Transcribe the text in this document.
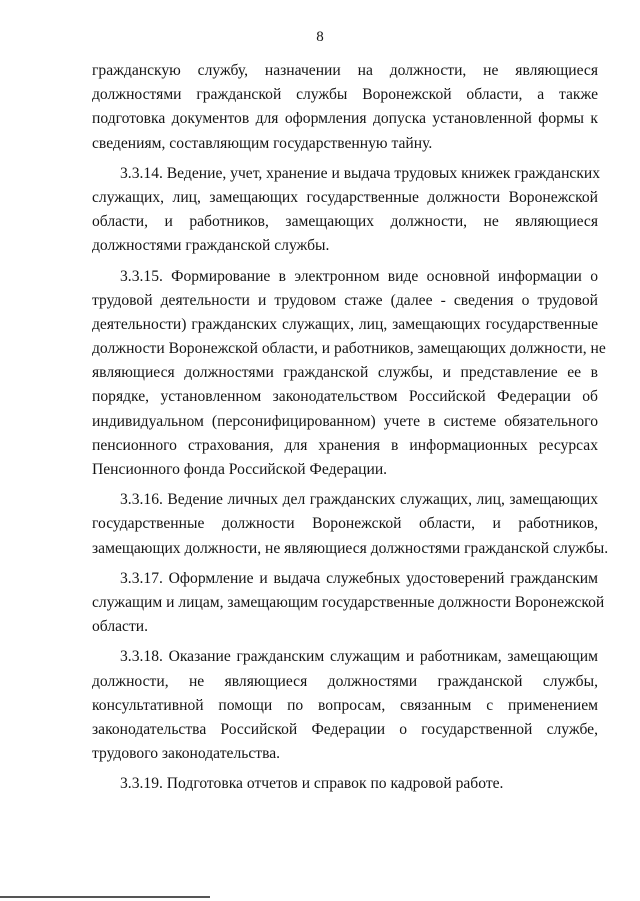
8
гражданскую службу, назначении на должности, не являющиеся
должностями гражданской службы Воронежской области, а также
подготовка документов для оформления допуска установленной формы к
сведениям, составляющим государственную тайну.
3.3.14. Ведение, учет, хранение и выдача трудовых книжек гражданских
служащих, лиц, замещающих государственные должности Воронежской
области, и работников, замещающих должности, не являющиеся
должностями гражданской службы.
3.3.15. Формирование в электронном виде основной информации о
трудовой деятельности и трудовом стаже (далее - сведения о трудовой
деятельности) гражданских служащих, лиц, замещающих государственные
должности Воронежской области, и работников, замещающих должности, не
являющиеся должностями гражданской службы, и представление ее в
порядке, установленном законодательством Российской Федерации об
индивидуальном (персонифицированном) учете в системе обязательного
пенсионного страхования, для хранения в информационных ресурсах
Пенсионного фонда Российской Федерации.
3.3.16. Ведение личных дел гражданских служащих, лиц, замещающих
государственные должности Воронежской области, и работников,
замещающих должности, не являющиеся должностями гражданской службы.
3.3.17. Оформление и выдача служебных удостоверений гражданским
служащим и лицам, замещающим государственные должности Воронежской
области.
3.3.18. Оказание гражданским служащим и работникам, замещающим
должности, не являющиеся должностями гражданской службы,
консультативной помощи по вопросам, связанным с применением
законодательства Российской Федерации о государственной службе,
трудового законодательства.
3.3.19. Подготовка отчетов и справок по кадровой работе.
